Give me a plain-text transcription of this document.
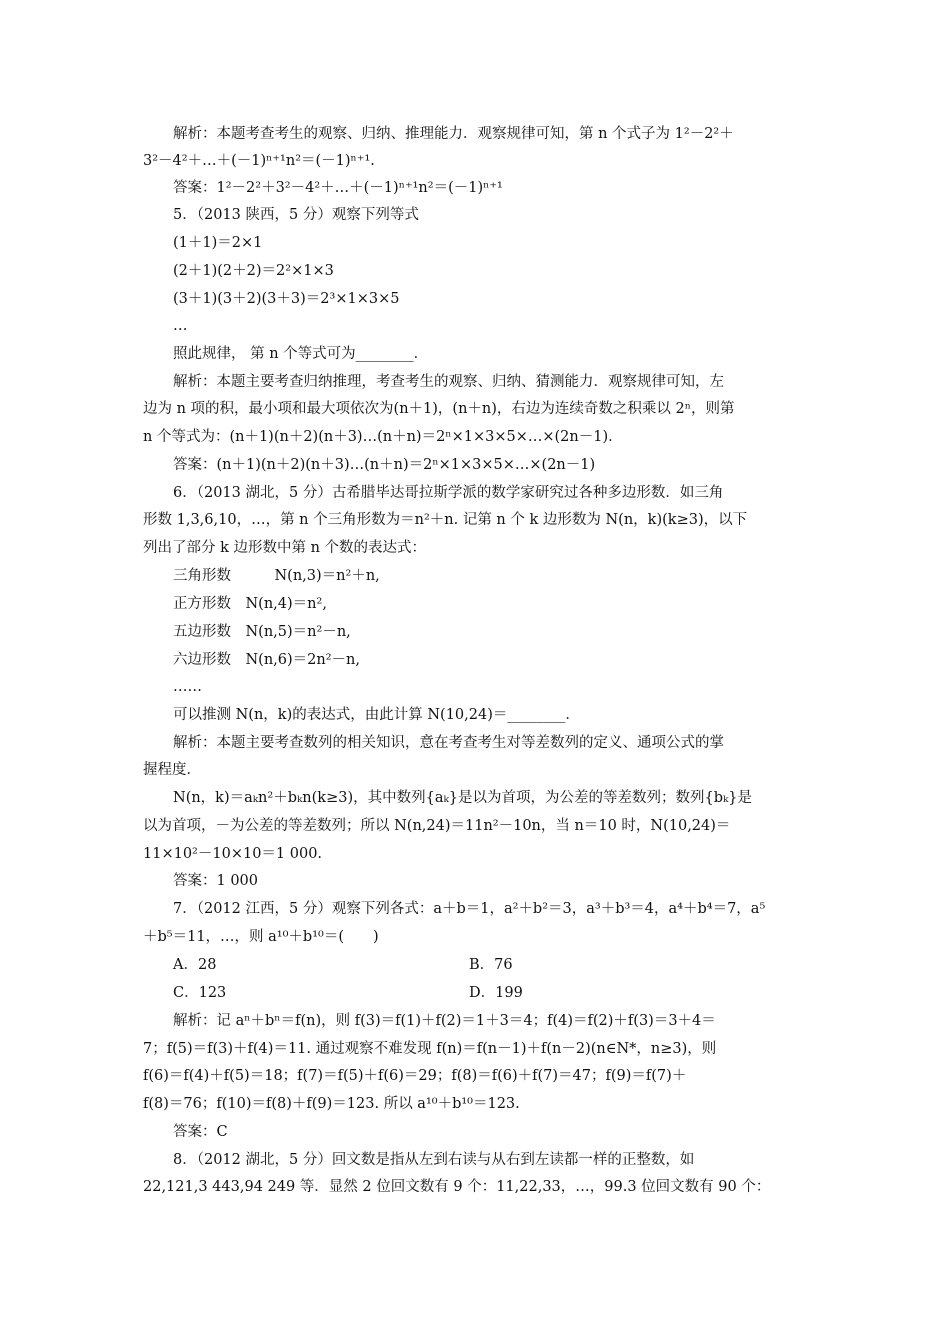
解析：本题考查考生的观察、归纳、推理能力．观察规律可知，第 n 个式子为 1²－2²＋
3²－4²＋…＋(－1)ⁿ⁺¹n²＝(－1)ⁿ⁺¹.
答案：1²－2²＋3²－4²＋…＋(－1)ⁿ⁺¹n²＝(－1)ⁿ⁺¹
5．（2013 陕西，5 分）观察下列等式
(1＋1)＝2×1
(2＋1)(2＋2)＝2²×1×3
(3＋1)(3＋2)(3＋3)＝2³×1×3×5
…
照此规律， 第 n 个等式可为________．
解析：本题主要考查归纳推理，考查考生的观察、归纳、猜测能力．观察规律可知，左
边为 n 项的积，最小项和最大项依次为(n＋1)，(n＋n)，右边为连续奇数之积乘以 2ⁿ，则第
n 个等式为：(n＋1)(n＋2)(n＋3)…(n＋n)＝2ⁿ×1×3×5×…×(2n－1)．
答案：(n＋1)(n＋2)(n＋3)…(n＋n)＝2ⁿ×1×3×5×…×(2n－1)
6．（2013 湖北，5 分）古希腊毕达哥拉斯学派的数学家研究过各种多边形数．如三角
形数 1,3,6,10，…，第 n 个三角形数为＝n²＋n. 记第 n 个 k 边形数为 N(n，k)(k≥3)，以下
列出了部分 k 边形数中第 n 个数的表达式：
三角形数　　　N(n,3)＝n²＋n,
正方形数　N(n,4)＝n²,
五边形数　N(n,5)＝n²－n,
六边形数　N(n,6)＝2n²－n,
……
可以推测 N(n，k)的表达式，由此计算 N(10,24)＝________．
解析：本题主要考查数列的相关知识，意在考查考生对等差数列的定义、通项公式的掌
握程度．
N(n，k)＝aₖn²＋bₖn(k≥3)，其中数列{aₖ}是以为首项，为公差的等差数列；数列{bₖ}是
以为首项，－为公差的等差数列；所以 N(n,24)＝11n²－10n，当 n＝10 时，N(10,24)＝
11×10²－10×10＝1 000.
答案：1 000
7．（2012 江西，5 分）观察下列各式：a＋b＝1，a²＋b²＝3，a³＋b³＝4，a⁴＋b⁴＝7，a⁵
＋b⁵＝11，…，则 a¹⁰＋b¹⁰＝(　　)
A．28	B．76
C．123	D．199
解析：记 aⁿ＋bⁿ＝f(n)，则 f(3)＝f(1)＋f(2)＝1＋3＝4；f(4)＝f(2)＋f(3)＝3＋4＝
7；f(5)＝f(3)＋f(4)＝11. 通过观察不难发现 f(n)＝f(n－1)＋f(n－2)(n∈N*，n≥3)，则
f(6)＝f(4)＋f(5)＝18；f(7)＝f(5)＋f(6)＝29；f(8)＝f(6)＋f(7)＝47；f(9)＝f(7)＋
f(8)＝76；f(10)＝f(8)＋f(9)＝123. 所以 a¹⁰＋b¹⁰＝123.
答案：C
8．（2012 湖北，5 分）回文数是指从左到右读与从右到左读都一样的正整数，如
22,121,3 443,94 249 等．显然 2 位回文数有 9 个：11,22,33，…，99.3 位回文数有 90 个：
